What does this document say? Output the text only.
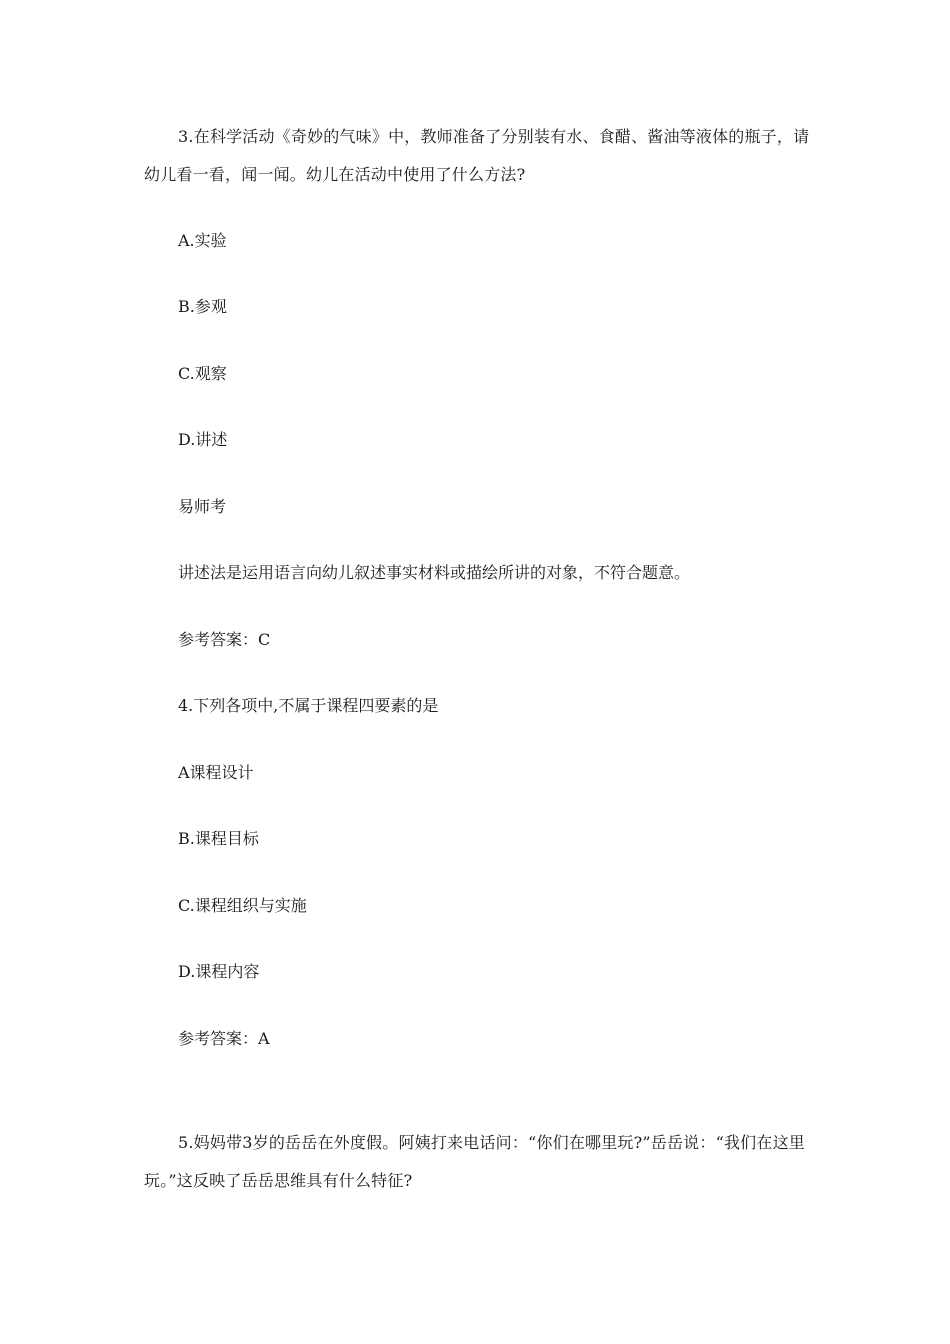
3.在科学活动《奇妙的气味》中，教师准备了分别装有水、食醋、酱油等液体的瓶子，请幼儿看一看，闻一闻。幼儿在活动中使用了什么方法?
A.实验
B.参观
C.观察
D.讲述
易师考
讲述法是运用语言向幼儿叙述事实材料或描绘所讲的对象，不符合题意。
参考答案：C
4.下列各项中,不属于课程四要素的是
A课程设计
B.课程目标
C.课程组织与实施
D.课程内容
参考答案：A
5.妈妈带3岁的岳岳在外度假。阿姨打来电话问：“你们在哪里玩?”岳岳说：“我们在这里玩。”这反映了岳岳思维具有什么特征?
